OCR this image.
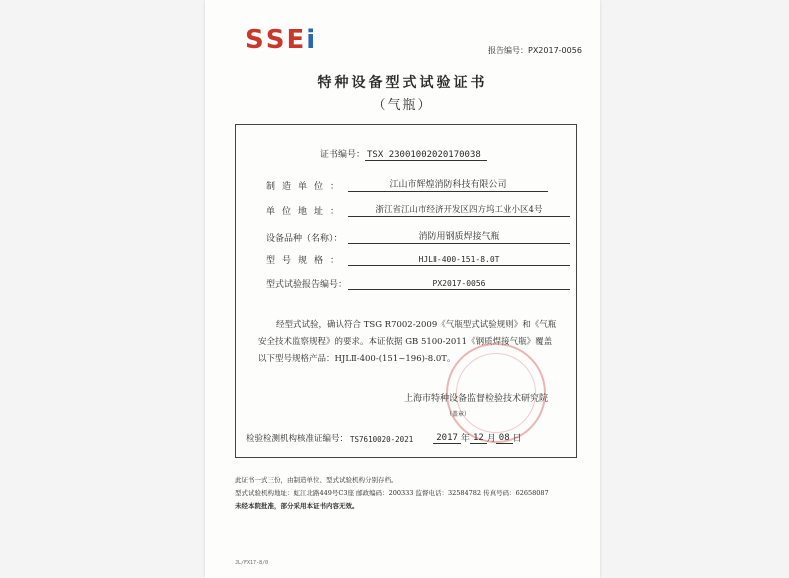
S S E i	报告编号：PX2017-0056
特种设备型式试验证书
（气瓶）
证书编号： TSX 23001002020170038
制造单位：	江山市辉煌消防科技有限公司
单位地址：	浙江省江山市经济开发区四方坞工业小区4号
设备品种（名称）：	消防用钢质焊接气瓶
型号规格：	HJLⅡ-400-151-8.0T
型式试验报告编号：	PX2017-0056
经型式试验，确认符合 TSG R7002-2009《气瓶型式试验规则》和《气瓶安全技术监察规程》的要求。本证依据 GB 5100-2011《钢质焊接气瓶》覆盖以下型号规格产品：HJLⅡ-400-(151~196)-8.0T。
上海市特种设备监督检验技术研究院
（盖章）
检验检测机构核准证编号： TS7610020-2021	2017 年 12 月 08 日
此证书一式三份，由制造单位、型式试验机构分别存档。
型式试验机构地址：虹江北路449号C3座 邮政编码：200333 监督电话：32584782 传真号码：62658087
未经本院批准，部分采用本证书内容无效。
JL/FX17-8/0
